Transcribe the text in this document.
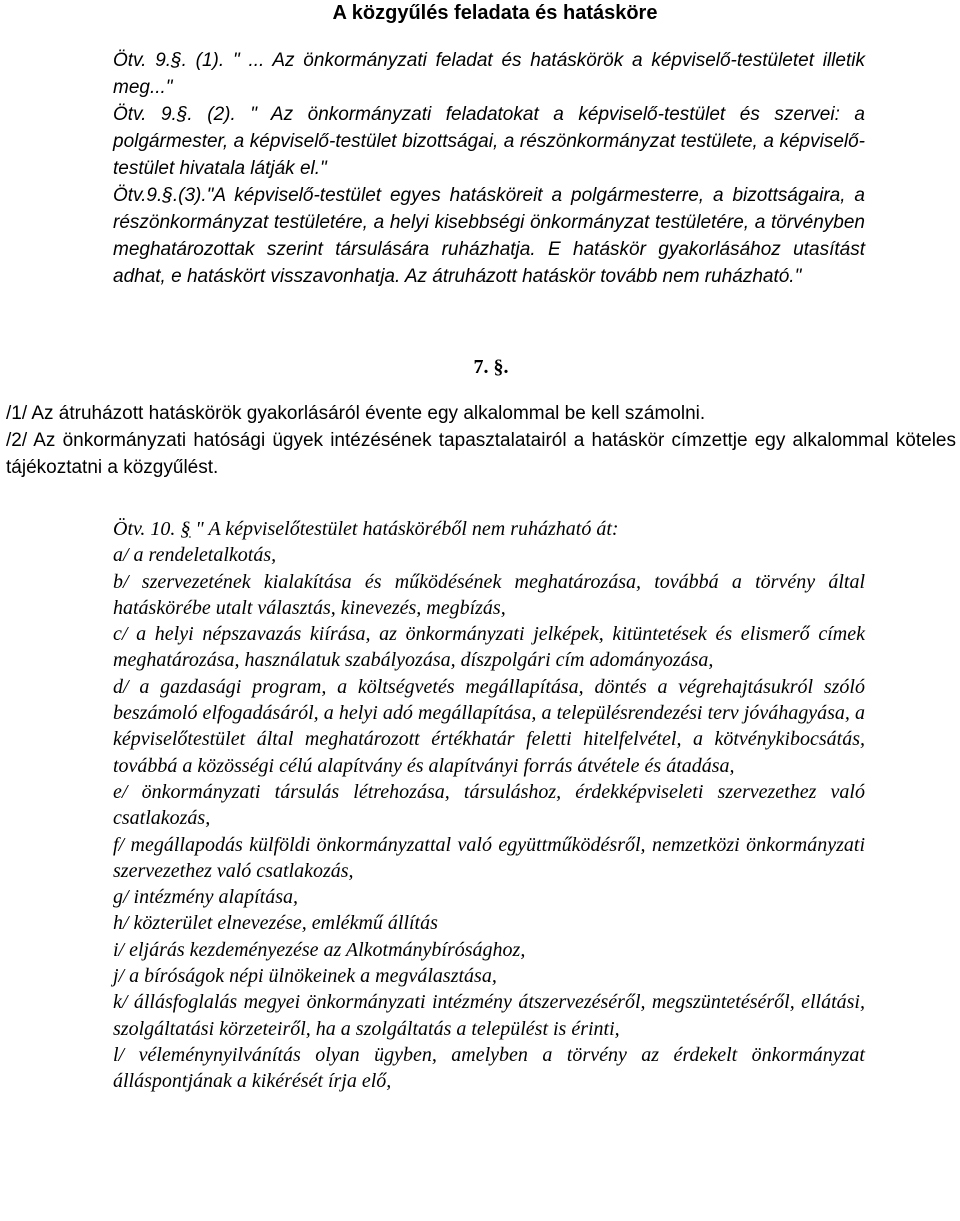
A közgyűlés feladata és hatásköre

Ötv. 9.§. (1). " ... Az önkormányzati feladat és hatáskörök a képviselő-testületet illetik meg..."

Ötv. 9.§. (2). " Az önkormányzati feladatokat a képviselő-testület és szervei: a polgármester, a képviselő-testület bizottságai, a részönkormányzat testülete, a képviselő-testület hivatala látják el."

Ötv.9.§.(3)."A képviselő-testület egyes hatásköreit a polgármesterre, a bizottságaira, a részönkormányzat testületére, a helyi kisebbségi önkormányzat testületére, a törvényben meghatározottak szerint társulására ruházhatja. E hatáskör gyakorlásához utasítást adhat, e hatáskört visszavonhatja. Az átruházott hatáskör tovább nem ruházható."

7. §.

/1/ Az átruházott hatáskörök gyakorlásáról évente egy alkalommal be kell számolni.

/2/ Az önkormányzati hatósági ügyek intézésének tapasztalatairól a hatáskör címzettje egy alkalommal köteles tájékoztatni a közgyűlést.

Ötv. 10. § " A képviselőtestület hatásköréből nem ruházható át:

a/ a rendeletalkotás,

b/ szervezetének kialakítása és működésének meghatározása, továbbá a törvény által hatáskörébe utalt választás, kinevezés, megbízás,

c/ a helyi népszavazás kiírása, az önkormányzati jelképek, kitüntetések és elismerő címek meghatározása, használatuk szabályozása, díszpolgári cím adományozása,

d/ a gazdasági program, a költségvetés megállapítása, döntés a végrehajtásukról szóló beszámoló elfogadásáról, a helyi adó megállapítása, a településrendezési terv jóváhagyása, a képviselőtestület által meghatározott értékhatár feletti hitelfelvétel, a kötvénykibocsátás, továbbá a közösségi célú alapítvány és alapítványi forrás átvétele és átadása,

e/ önkormányzati társulás létrehozása, társuláshoz, érdekképviseleti szervezethez való csatlakozás,

f/ megállapodás külföldi önkormányzattal való együttműködésről, nemzetközi önkormányzati szervezethez való csatlakozás,

g/ intézmény alapítása,

h/ közterület elnevezése, emlékmű állítás

i/ eljárás kezdeményezése az Alkotmánybírósághoz,

j/ a bíróságok népi ülnökeinek a megválasztása,

k/ állásfoglalás megyei önkormányzati intézmény átszervezéséről, megszüntetéséről, ellátási, szolgáltatási körzeteiről, ha a szolgáltatás a települést is érinti,

l/ véleménynyilvánítás olyan ügyben, amelyben a törvény az érdekelt önkormányzat álláspontjának a kikérését írja elő,
